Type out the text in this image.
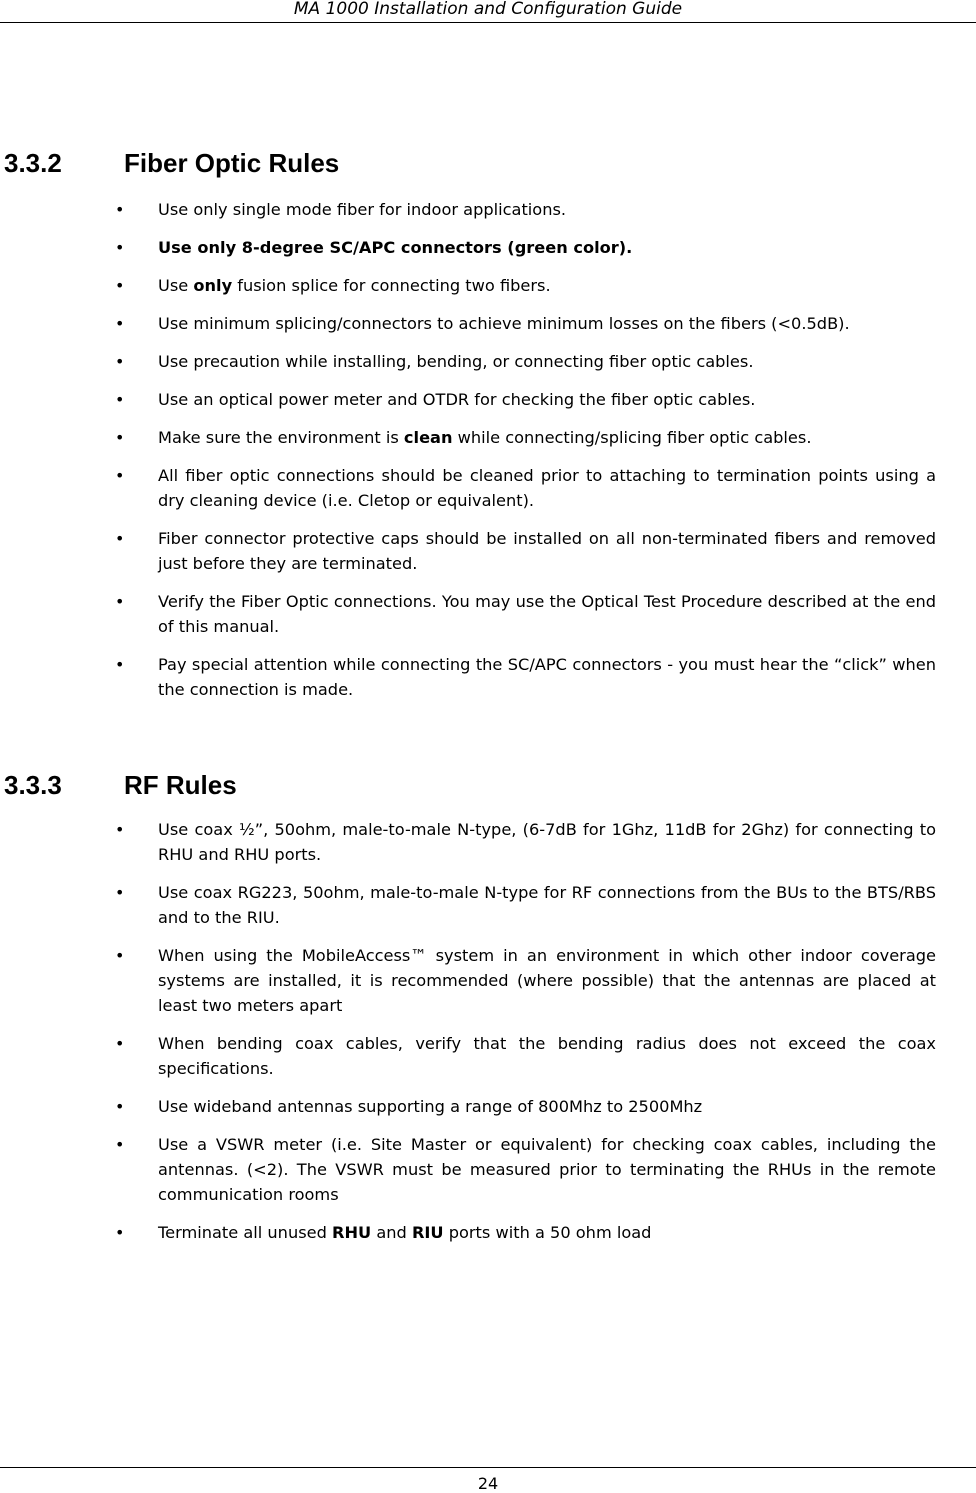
MA 1000 Installation and Configuration Guide
3.3.2 Fiber Optic Rules
• Use only single mode fiber for indoor applications.
• Use only 8-degree SC/APC connectors (green color).
• Use only fusion splice for connecting two fibers.
• Use minimum splicing/connectors to achieve minimum losses on the fibers (<0.5dB).
• Use precaution while installing, bending, or connecting fiber optic cables.
• Use an optical power meter and OTDR for checking the fiber optic cables.
• Make sure the environment is clean while connecting/splicing fiber optic cables.
• All fiber optic connections should be cleaned prior to attaching to termination points using a dry cleaning device (i.e. Cletop or equivalent).
• Fiber connector protective caps should be installed on all non-terminated fibers and removed just before they are terminated.
• Verify the Fiber Optic connections. You may use the Optical Test Procedure described at the end of this manual.
• Pay special attention while connecting the SC/APC connectors - you must hear the “click” when the connection is made.
3.3.3 RF Rules
• Use coax ½”, 50ohm, male-to-male N-type, (6-7dB for 1Ghz, 11dB for 2Ghz) for connecting to RHU and RHU ports.
• Use coax RG223, 50ohm, male-to-male N-type for RF connections from the BUs to the BTS/RBS and to the RIU.
• When using the MobileAccess™ system in an environment in which other indoor coverage systems are installed, it is recommended (where possible) that the antennas are placed at least two meters apart
• When bending coax cables, verify that the bending radius does not exceed the coax specifications.
• Use wideband antennas supporting a range of 800Mhz to 2500Mhz
• Use a VSWR meter (i.e. Site Master or equivalent) for checking coax cables, including the antennas. (<2). The VSWR must be measured prior to terminating the RHUs in the remote communication rooms
• Terminate all unused RHU and RIU ports with a 50 ohm load
24
